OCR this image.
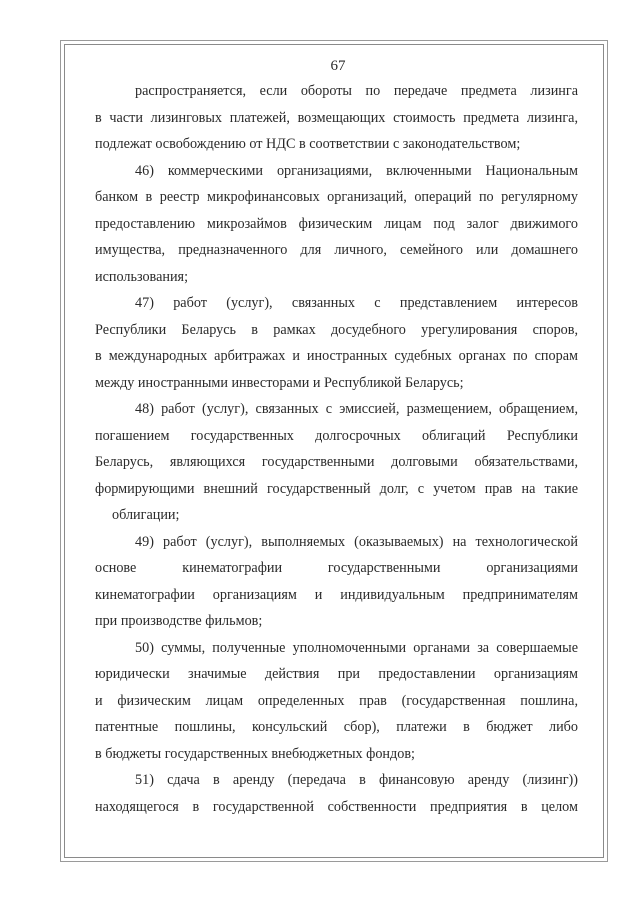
67
распространяется, если обороты по передаче предмета лизинга
в части лизинговых платежей, возмещающих стоимость предмета лизинга,
подлежат освобождению от НДС в соответствии с законодательством;
46) коммерческими организациями, включенными Национальным
банком в реестр микрофинансовых организаций, операций по регулярному
предоставлению микрозаймов физическим лицам под залог движимого
имущества, предназначенного для личного, семейного или домашнего
использования;
47) работ (услуг), связанных с представлением интересов
Республики Беларусь в рамках досудебного урегулирования споров,
в международных арбитражах и иностранных судебных органах по спорам
между иностранными инвесторами и Республикой Беларусь;
48) работ (услуг), связанных с эмиссией, размещением, обращением,
погашением государственных долгосрочных облигаций Республики
Беларусь, являющихся государственными долговыми обязательствами,
формирующими внешний государственный долг, с учетом прав на такие
облигации;
49) работ (услуг), выполняемых (оказываемых) на технологической
основе кинематографии государственными организациями
кинематографии организациям и индивидуальным предпринимателям
при производстве фильмов;
50) суммы, полученные уполномоченными органами за совершаемые
юридически значимые действия при предоставлении организациям
и физическим лицам определенных прав (государственная пошлина,
патентные пошлины, консульский сбор), платежи в бюджет либо
в бюджеты государственных внебюджетных фондов;
51) сдача в аренду (передача в финансовую аренду (лизинг))
находящегося в государственной собственности предприятия в целом
